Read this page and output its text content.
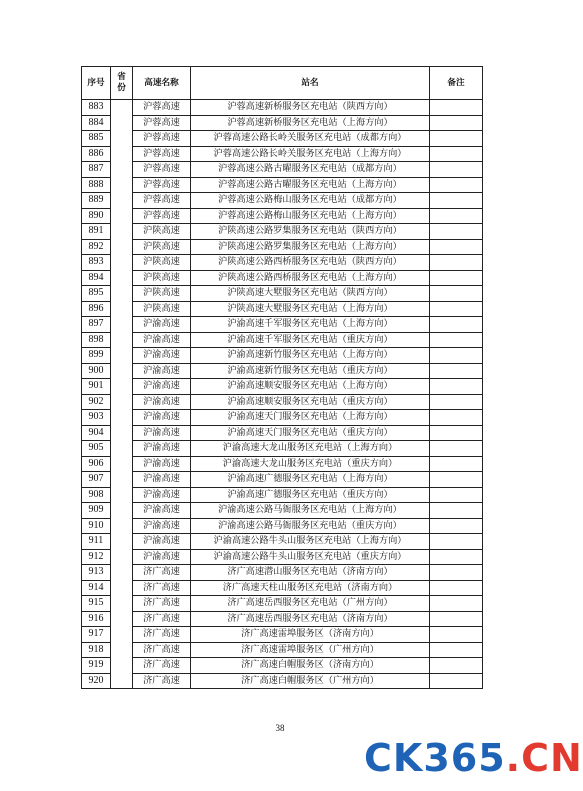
序号	省份	高速名称	站名	备注
883		沪蓉高速	沪蓉高速新桥服务区充电站（陕西方向）	
884		沪蓉高速	沪蓉高速新桥服务区充电站（上海方向）	
885		沪蓉高速	沪蓉高速公路长岭关服务区充电站（成都方向）	
886		沪蓉高速	沪蓉高速公路长岭关服务区充电站（上海方向）	
887		沪蓉高速	沪蓉高速公路古曜服务区充电站（成都方向）	
888		沪蓉高速	沪蓉高速公路古曜服务区充电站（上海方向）	
889		沪蓉高速	沪蓉高速公路梅山服务区充电站（成都方向）	
890		沪蓉高速	沪蓉高速公路梅山服务区充电站（上海方向）	
891		沪陕高速	沪陕高速公路罗集服务区充电站（陕西方向）	
892		沪陕高速	沪陕高速公路罗集服务区充电站（上海方向）	
893		沪陕高速	沪陕高速公路西桥服务区充电站（陕西方向）	
894		沪陕高速	沪陕高速公路西桥服务区充电站（上海方向）	
895		沪陕高速	沪陕高速大墅服务区充电站（陕西方向）	
896		沪陕高速	沪陕高速大墅服务区充电站（上海方向）	
897		沪渝高速	沪渝高速千军服务区充电站（上海方向）	
898		沪渝高速	沪渝高速千军服务区充电站（重庆方向）	
899		沪渝高速	沪渝高速新竹服务区充电站（上海方向）	
900		沪渝高速	沪渝高速新竹服务区充电站（重庆方向）	
901		沪渝高速	沪渝高速顺安服务区充电站（上海方向）	
902		沪渝高速	沪渝高速顺安服务区充电站（重庆方向）	
903		沪渝高速	沪渝高速天门服务区充电站（上海方向）	
904		沪渝高速	沪渝高速天门服务区充电站（重庆方向）	
905		沪渝高速	沪渝高速大龙山服务区充电站（上海方向）	
906		沪渝高速	沪渝高速大龙山服务区充电站（重庆方向）	
907		沪渝高速	沪渝高速广德服务区充电站（上海方向）	
908		沪渝高速	沪渝高速广德服务区充电站（重庆方向）	
909		沪渝高速	沪渝高速公路马衙服务区充电站（上海方向）	
910		沪渝高速	沪渝高速公路马衙服务区充电站（重庆方向）	
911		沪渝高速	沪渝高速公路牛头山服务区充电站（上海方向）	
912		沪渝高速	沪渝高速公路牛头山服务区充电站（重庆方向）	
913		济广高速	济广高速潜山服务区充电站（济南方向）	
914		济广高速	济广高速天柱山服务区充电站（济南方向）	
915		济广高速	济广高速岳西服务区充电站（广州方向）	
916		济广高速	济广高速岳西服务区充电站（济南方向）	
917		济广高速	济广高速雷埠服务区（济南方向）	
918		济广高速	济广高速雷埠服务区（广州方向）	
919		济广高速	济广高速白帽服务区（济南方向）	
920		济广高速	济广高速白帽服务区（广州方向）	
38
CK365.CN
